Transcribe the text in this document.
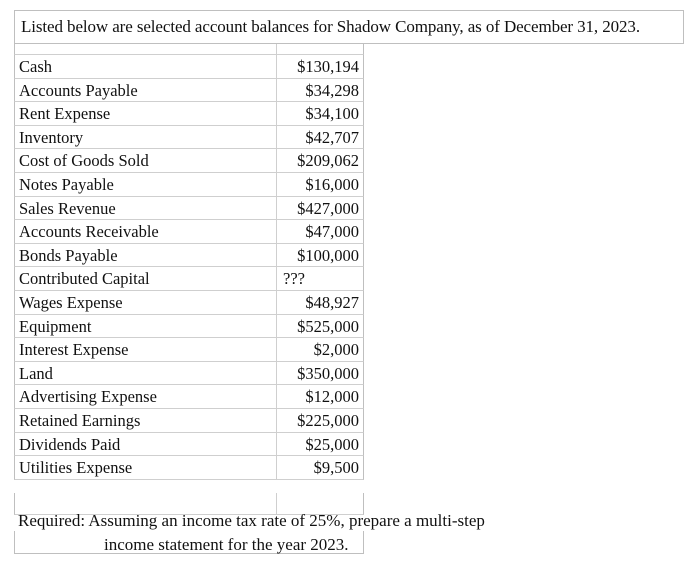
Listed below are selected account balances for Shadow Company, as of December 31, 2023.
Cash	$130,194
Accounts Payable	$34,298
Rent Expense	$34,100
Inventory	$42,707
Cost of Goods Sold	$209,062
Notes Payable	$16,000
Sales Revenue	$427,000
Accounts Receivable	$47,000
Bonds Payable	$100,000
Contributed Capital	???
Wages Expense	$48,927
Equipment	$525,000
Interest Expense	$2,000
Land	$350,000
Advertising Expense	$12,000
Retained Earnings	$225,000
Dividends Paid	$25,000
Utilities Expense	$9,500
Required: Assuming an income tax rate of 25%, prepare a multi-step
income statement for the year 2023.
